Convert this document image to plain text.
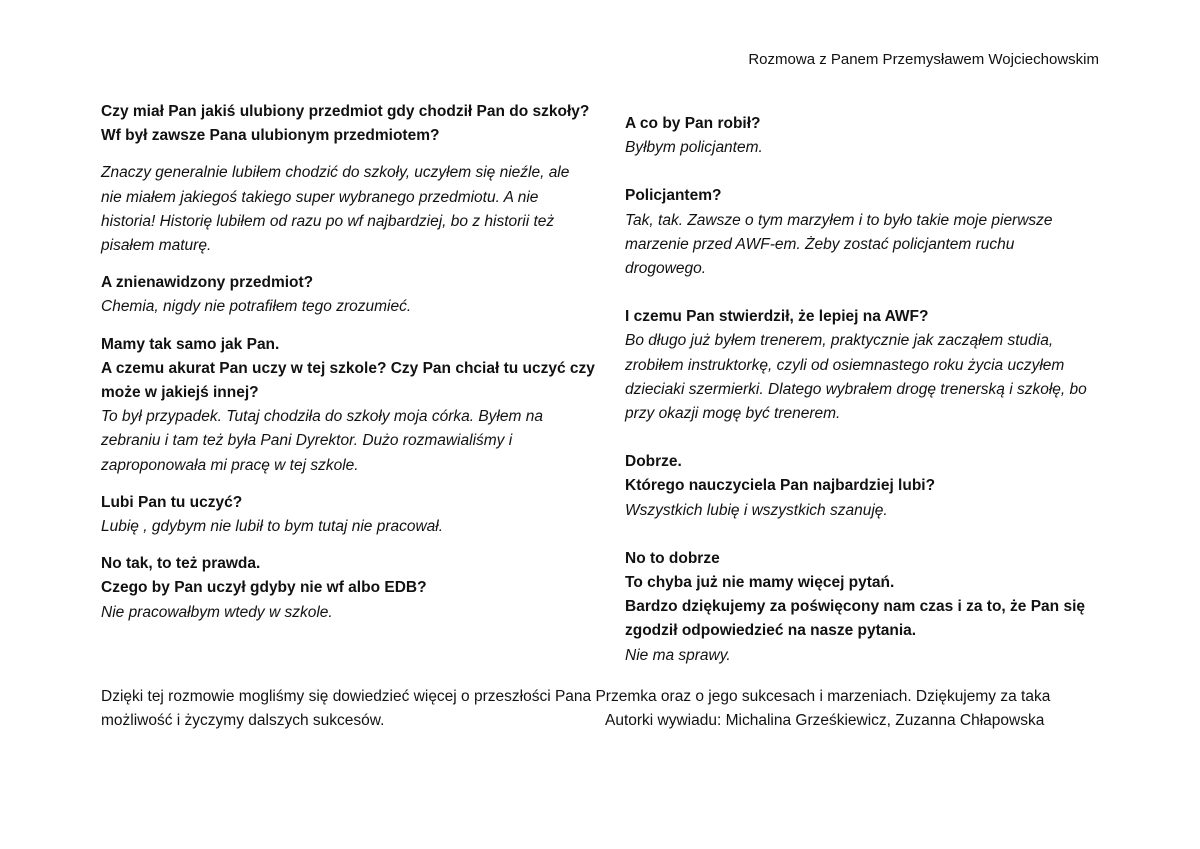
Rozmowa z Panem Przemysławem Wojciechowskim
Czy miał Pan jakiś ulubiony przedmiot gdy chodził Pan do szkoły?
Wf był zawsze Pana ulubionym przedmiotem?
Znaczy generalnie lubiłem chodzić do szkoły, uczyłem się nieźle, ale
nie miałem jakiegoś takiego super wybranego przedmiotu. A nie
historia! Historię lubiłem od razu po wf najbardziej, bo z historii też
pisałem maturę.
A znienawidzony przedmiot?
Chemia, nigdy nie potrafiłem tego zrozumieć.
Mamy tak samo jak Pan.
A czemu akurat Pan uczy w tej szkole? Czy Pan chciał tu uczyć czy
może w jakiejś innej?
To był przypadek. Tutaj chodziła do szkoły moja córka. Byłem na
zebraniu i tam też była Pani Dyrektor. Dużo rozmawialiśmy i
zaproponowała mi pracę w tej szkole.
Lubi Pan tu uczyć?
Lubię , gdybym nie lubił to bym tutaj nie pracował.
No tak, to też prawda.
Czego by Pan uczył gdyby nie wf albo EDB?
Nie pracowałbym wtedy w szkole.
A co by Pan robił?
Byłbym policjantem.
Policjantem?
Tak, tak. Zawsze o tym marzyłem i to było takie moje pierwsze
marzenie przed AWF-em. Żeby zostać policjantem ruchu
drogowego.
I czemu Pan stwierdził, że lepiej na AWF?
Bo długo już byłem trenerem, praktycznie jak zacząłem studia,
zrobiłem instruktorkę, czyli od osiemnastego roku życia uczyłem
dzieciaki szermierki. Dlatego wybrałem drogę trenerską i szkołę, bo
przy okazji mogę być trenerem.
Dobrze.
Którego nauczyciela Pan najbardziej lubi?
Wszystkich lubię i wszystkich szanuję.
No to dobrze
To chyba już nie mamy więcej pytań.
Bardzo dziękujemy za poświęcony nam czas i za to, że Pan się
zgodził odpowiedzieć na nasze pytania.
Nie ma sprawy.
Dzięki tej rozmowie mogliśmy się dowiedzieć więcej o przeszłości Pana Przemka oraz o jego sukcesach i marzeniach. Dziękujemy za taka
możliwość i życzymy dalszych sukcesów.	Autorki wywiadu: Michalina Grześkiewicz, Zuzanna Chłapowska
